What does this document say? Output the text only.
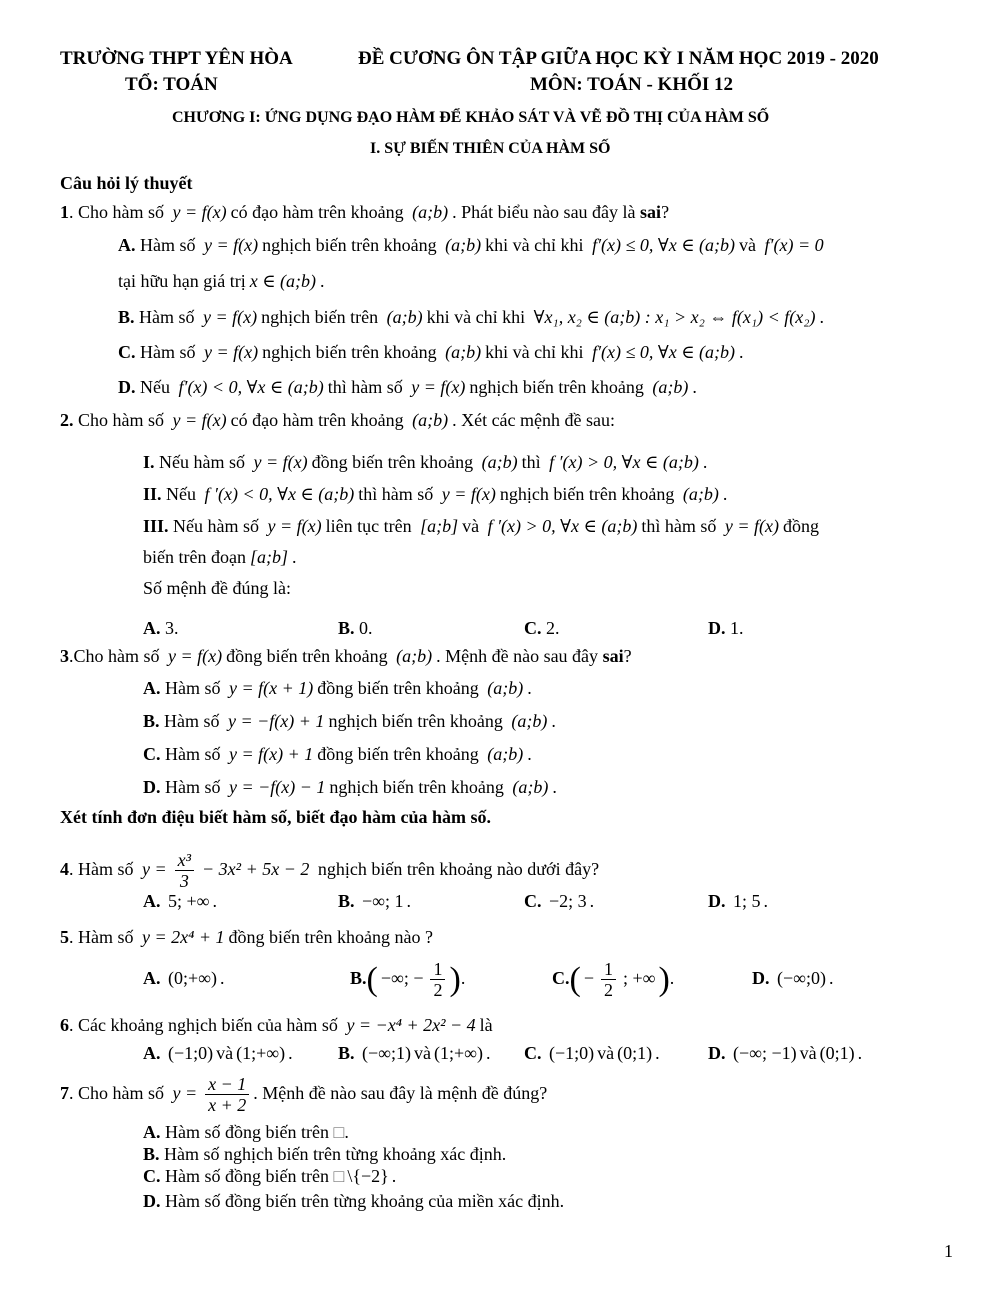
TRƯỜNG THPT YÊN HÒA	ĐỀ CƯƠNG ÔN TẬP GIỮA HỌC KỲ I NĂM HỌC 2019 - 2020
TỔ: TOÁN	MÔN: TOÁN - KHỐI 12
CHƯƠNG I: ỨNG DỤNG ĐẠO HÀM ĐỂ KHẢO SÁT VÀ VẼ ĐỒ THỊ CỦA HÀM SỐ
I. SỰ BIẾN THIÊN CỦA HÀM SỐ
Câu hỏi lý thuyết
1. Cho hàm số y = f(x) có đạo hàm trên khoảng (a;b) . Phát biểu nào sau đây là sai?
A. Hàm số y = f(x) nghịch biến trên khoảng (a;b) khi và chỉ khi f′(x) ≤ 0, ∀x ∈ (a;b) và f′(x) = 0
tại hữu hạn giá trị x ∈ (a;b) .
B. Hàm số y = f(x) nghịch biến trên (a;b) khi và chỉ khi ∀x₁, x₂ ∈ (a;b) : x₁ > x₂ ⇔ f(x₁) < f(x₂) .
C. Hàm số y = f(x) nghịch biến trên khoảng (a;b) khi và chỉ khi f′(x) ≤ 0, ∀x ∈ (a;b) .
D. Nếu f′(x) < 0, ∀x ∈ (a;b) thì hàm số y = f(x) nghịch biến trên khoảng (a;b) .
2. Cho hàm số y = f(x) có đạo hàm trên khoảng (a;b) . Xét các mệnh đề sau:
I. Nếu hàm số y = f(x) đồng biến trên khoảng (a;b) thì f ′(x) > 0, ∀x ∈ (a;b) .
II. Nếu f ′(x) < 0, ∀x ∈ (a;b) thì hàm số y = f(x) nghịch biến trên khoảng (a;b) .
III. Nếu hàm số y = f(x) liên tục trên [a;b] và f ′(x) > 0, ∀x ∈ (a;b) thì hàm số y = f(x) đồng
biến trên đoạn [a;b] .
Số mệnh đề đúng là:
A. 3.	B. 0.	C. 2.	D. 1.
3.Cho hàm số y = f(x) đồng biến trên khoảng (a;b) . Mệnh đề nào sau đây sai?
A. Hàm số y = f(x + 1) đồng biến trên khoảng (a;b) .
B. Hàm số y = −f(x) + 1 nghịch biến trên khoảng (a;b) .
C. Hàm số y = f(x) + 1 đồng biến trên khoảng (a;b) .
D. Hàm số y = −f(x) − 1 nghịch biến trên khoảng (a;b) .
Xét tính đơn điệu biết hàm số, biết đạo hàm của hàm số.
4. Hàm số $y = \frac{\text{x³}}{3} - 3x^2 + 5x - 2$ nghịch biến trên khoảng nào dưới đây?
A. 5; +∞ .	B. −∞; 1 .	C. −2; 3 .	D. 1; 5 .
5. Hàm số y = 2x⁴ + 1 đồng biến trên khoảng nào ?
A. (0;+∞) .	B.( −∞; − $\frac{1}{2}$ ).	$C.( - \frac{1}{2}$ ; +∞).	D. (−∞;0) .
6. Các khoảng nghịch biến của hàm số y = −x⁴ + 2x² − 4 là
A. (−1;0) và (1;+∞) .	B. (−∞;1) và (1;+∞) . C. (−1;0) và (0;1) .	D. (−∞; −1) và (0;1) .
7. Cho hàm số $y = \frac{x - 1}{x + 2}$ . Mệnh đề nào sau đây là mệnh đề đúng?
A. Hàm số đồng biến trên □.
B. Hàm số nghịch biến trên từng khoảng xác định.
C. Hàm số đồng biến trên □ \{−2} .
D. Hàm số đồng biến trên từng khoảng của miền xác định.
1
